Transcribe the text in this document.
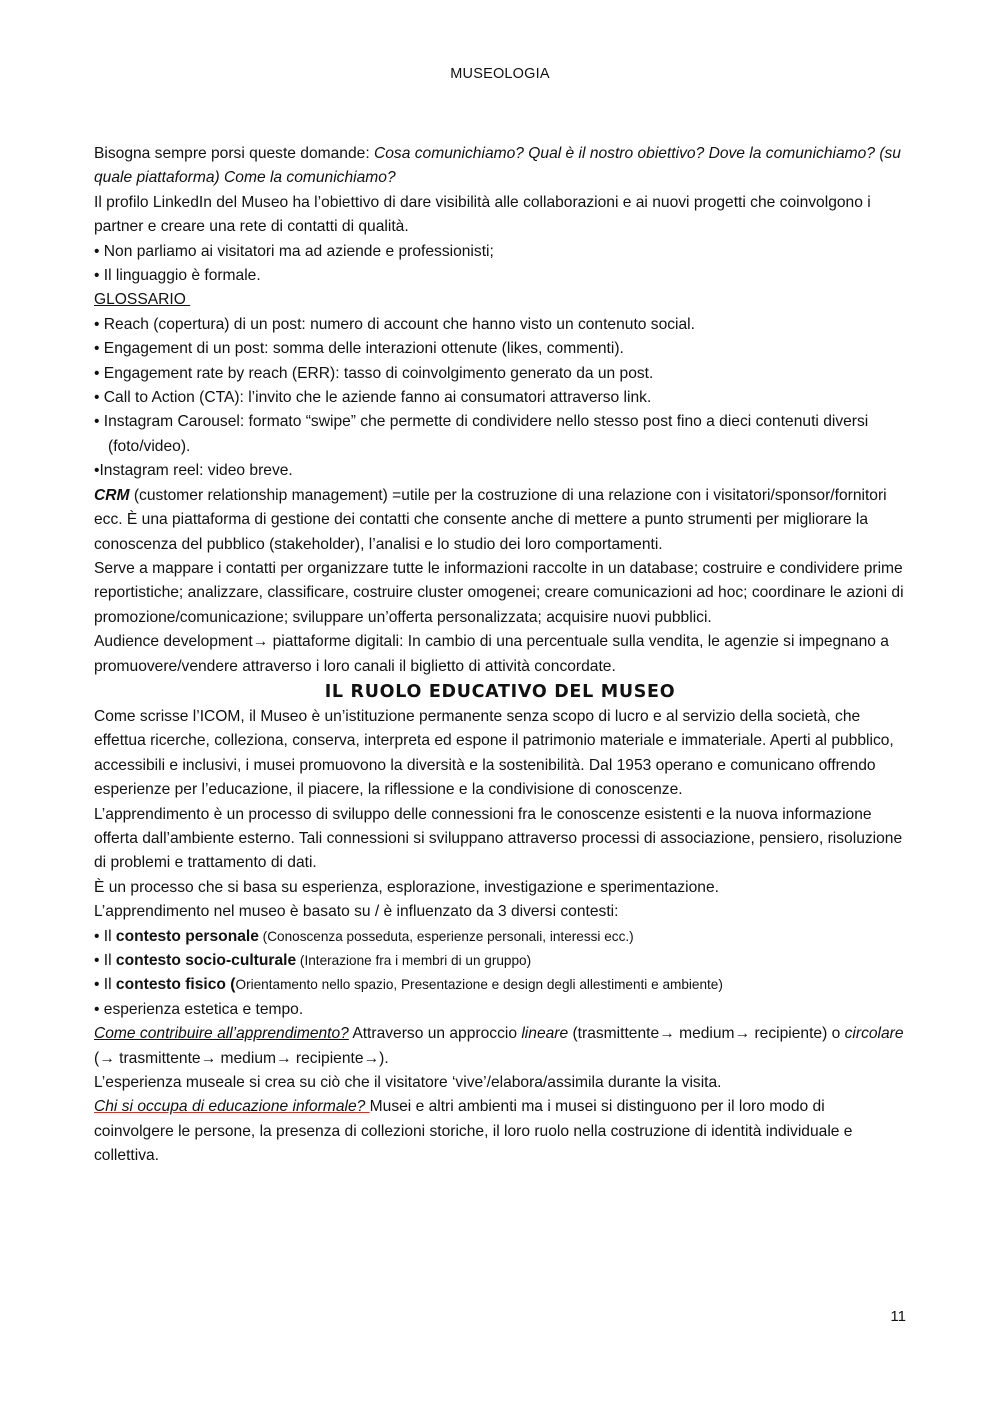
MUSEOLOGIA

Bisogna sempre porsi queste domande: Cosa comunichiamo? Qual è il nostro obiettivo? Dove la comunichiamo? (su quale piattaforma) Come la comunichiamo?

Il profilo LinkedIn del Museo ha l’obiettivo di dare visibilità alle collaborazioni e ai nuovi progetti che coinvolgono i partner e creare una rete di contatti di qualità.

• Non parliamo ai visitatori ma ad aziende e professionisti;

• Il linguaggio è formale.

GLOSSARIO

• Reach (copertura) di un post: numero di account che hanno visto un contenuto social.

• Engagement di un post: somma delle interazioni ottenute (likes, commenti).

• Engagement rate by reach (ERR): tasso di coinvolgimento generato da un post.

• Call to Action (CTA): l’invito che le aziende fanno ai consumatori attraverso link.

• Instagram Carousel: formato “swipe” che permette di condividere nello stesso post fino a dieci contenuti diversi (foto/video).

•Instagram reel: video breve.

CRM (customer relationship management) =utile per la costruzione di una relazione con i visitatori/sponsor/fornitori ecc. È una piattaforma di gestione dei contatti che consente anche di mettere a punto strumenti per migliorare la conoscenza del pubblico (stakeholder), l’analisi e lo studio dei loro comportamenti.

Serve a mappare i contatti per organizzare tutte le informazioni raccolte in un database; costruire e condividere prime reportistiche; analizzare, classificare, costruire cluster omogenei; creare comunicazioni ad hoc; coordinare le azioni di promozione/comunicazione; sviluppare un’offerta personalizzata; acquisire nuovi pubblici.

Audience development→ piattaforme digitali: In cambio di una percentuale sulla vendita, le agenzie si impegnano a promuovere/vendere attraverso i loro canali il biglietto di attività concordate.

IL RUOLO EDUCATIVO DEL MUSEO

Come scrisse l’ICOM, il Museo è un’istituzione permanente senza scopo di lucro e al servizio della società, che effettua ricerche, colleziona, conserva, interpreta ed espone il patrimonio materiale e immateriale. Aperti al pubblico, accessibili e inclusivi, i musei promuovono la diversità e la sostenibilità. Dal 1953 operano e comunicano offrendo esperienze per l’educazione, il piacere, la riflessione e la condivisione di conoscenze.

L’apprendimento è un processo di sviluppo delle connessioni fra le conoscenze esistenti e la nuova informazione offerta dall’ambiente esterno. Tali connessioni si sviluppano attraverso processi di associazione, pensiero, risoluzione di problemi e trattamento di dati.

È un processo che si basa su esperienza, esplorazione, investigazione e sperimentazione.

L’apprendimento nel museo è basato su / è influenzato da 3 diversi contesti:

• Il contesto personale (Conoscenza posseduta, esperienze personali, interessi ecc.)

• Il contesto socio-culturale (Interazione fra i membri di un gruppo)

• Il contesto fisico (Orientamento nello spazio, Presentazione e design degli allestimenti e ambiente)

• esperienza estetica e tempo.

Come contribuire all’apprendimento? Attraverso un approccio lineare (trasmittente→ medium→ recipiente) o circolare (→ trasmittente→ medium→ recipiente→).

L’esperienza museale si crea su ciò che il visitatore ‘vive’/elabora/assimila durante la visita.

Chi si occupa di educazione informale? Musei e altri ambienti ma i musei si distinguono per il loro modo di coinvolgere le persone, la presenza di collezioni storiche, il loro ruolo nella costruzione di identità individuale e collettiva.

11
